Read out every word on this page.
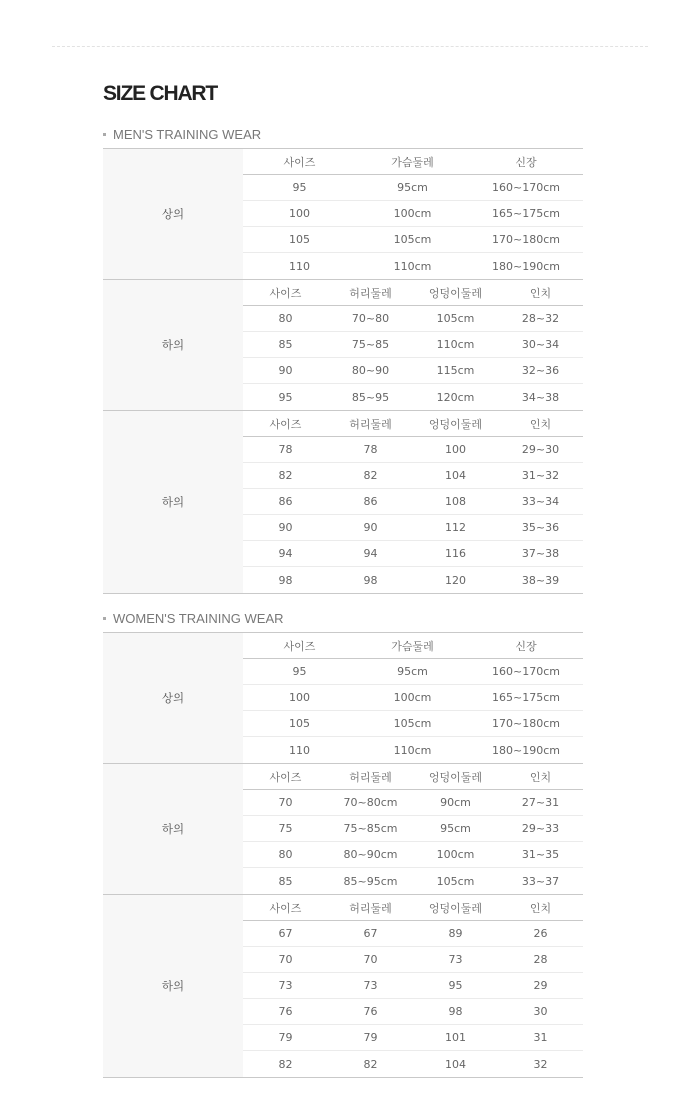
SIZE CHART
MEN'S TRAINING WEAR
상의
사이즈	가슴둘레	신장
95	95cm	160~170cm
100	100cm	165~175cm
105	105cm	170~180cm
110	110cm	180~190cm
하의
사이즈	허리둘레	엉덩이둘레	인치
80	70~80	105cm	28~32
85	75~85	110cm	30~34
90	80~90	115cm	32~36
95	85~95	120cm	34~38
하의
사이즈	허리둘레	엉덩이둘레	인치
78	78	100	29~30
82	82	104	31~32
86	86	108	33~34
90	90	112	35~36
94	94	116	37~38
98	98	120	38~39
WOMEN'S TRAINING WEAR
상의
사이즈	가슴둘레	신장
95	95cm	160~170cm
100	100cm	165~175cm
105	105cm	170~180cm
110	110cm	180~190cm
하의
사이즈	허리둘레	엉덩이둘레	인치
70	70~80cm	90cm	27~31
75	75~85cm	95cm	29~33
80	80~90cm	100cm	31~35
85	85~95cm	105cm	33~37
하의
사이즈	허리둘레	엉덩이둘레	인치
67	67	89	26
70	70	73	28
73	73	95	29
76	76	98	30
79	79	101	31
82	82	104	32
